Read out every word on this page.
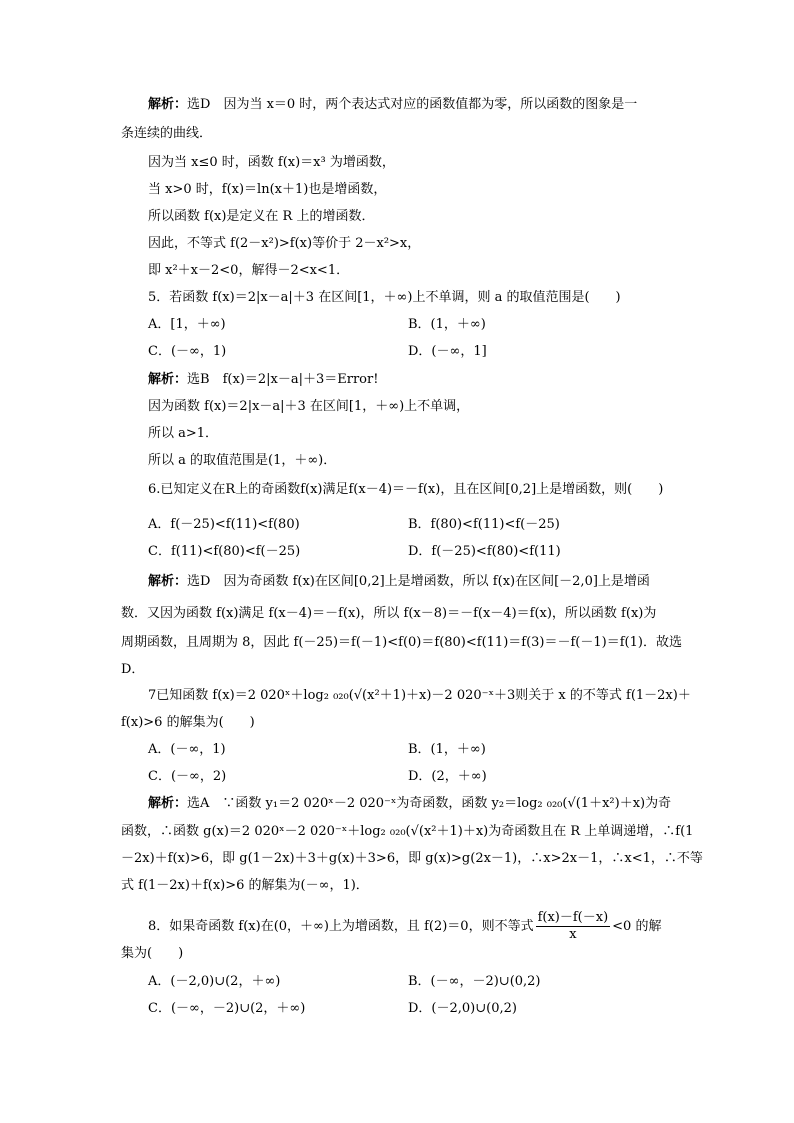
解析：选D　因为当 x＝0 时，两个表达式对应的函数值都为零，所以函数的图象是一
条连续的曲线．
因为当 x≤0 时，函数 f(x)＝x³ 为增函数，
当 x>0 时，f(x)＝ln(x＋1)也是增函数，
所以函数 f(x)是定义在 R 上的增函数．
因此，不等式 f(2－x²)>f(x)等价于 2－x²>x，
即 x²＋x－2<0，解得－2<x<1．
5．若函数 f(x)＝2|x－a|＋3 在区间[1，＋∞)上不单调，则 a 的取值范围是(　　)
A．[1，＋∞)	B．(1，＋∞)
C．(－∞，1)	D．(－∞，1]
解析：选B　f(x)＝2|x－a|＋3＝Error!
因为函数 f(x)＝2|x－a|＋3 在区间[1，＋∞)上不单调，
所以 a>1．
所以 a 的取值范围是(1，＋∞)．
6.已知定义在R上的奇函数f(x)满足f(x－4)＝－f(x)，且在区间[0,2]上是增函数，则(　　)
A．f(－25)<f(11)<f(80)	B．f(80)<f(11)<f(－25)
C．f(11)<f(80)<f(－25)	D．f(－25)<f(80)<f(11)
解析：选D　因为奇函数 f(x)在区间[0,2]上是增函数，所以 f(x)在区间[－2,0]上是增函
数．又因为函数 f(x)满足 f(x－4)＝－f(x)，所以 f(x－8)＝－f(x－4)＝f(x)，所以函数 f(x)为
周期函数，且周期为 8，因此 f(－25)＝f(－1)<f(0)＝f(80)<f(11)＝f(3)＝－f(－1)＝f(1)．故选
D．
7已知函数 f(x)＝2 020ˣ＋log₂ ₀₂₀(√(x²＋1)＋x)－2 020⁻ˣ＋3则关于 x 的不等式 f(1－2x)＋
f(x)>6 的解集为(　　)
A．(－∞，1)	B．(1，＋∞)
C．(－∞，2)	D．(2，＋∞)
解析：选A　∵函数 y₁＝2 020ˣ－2 020⁻ˣ为奇函数，函数 y₂＝log₂ ₀₂₀(√(1＋x²)＋x)为奇
函数，∴函数 g(x)＝2 020ˣ－2 020⁻ˣ＋log₂ ₀₂₀(√(x²＋1)＋x)为奇函数且在 R 上单调递增，∴f(1
－2x)＋f(x)>6，即 g(1－2x)＋3＋g(x)＋3>6，即 g(x)>g(2x－1)，∴x>2x－1，∴x<1，∴不等
式 f(1－2x)＋f(x)>6 的解集为(－∞，1)．
8．如果奇函数 f(x)在(0，＋∞)上为增函数，且 f(2)＝0，则不等式 $\frac{f(x)-f(-x)}{x} <0$ 的解
集为(　　)
A．(－2,0)∪(2，＋∞)	B．(－∞，－2)∪(0,2)
C．(－∞，－2)∪(2，＋∞)	D．(－2,0)∪(0,2)
